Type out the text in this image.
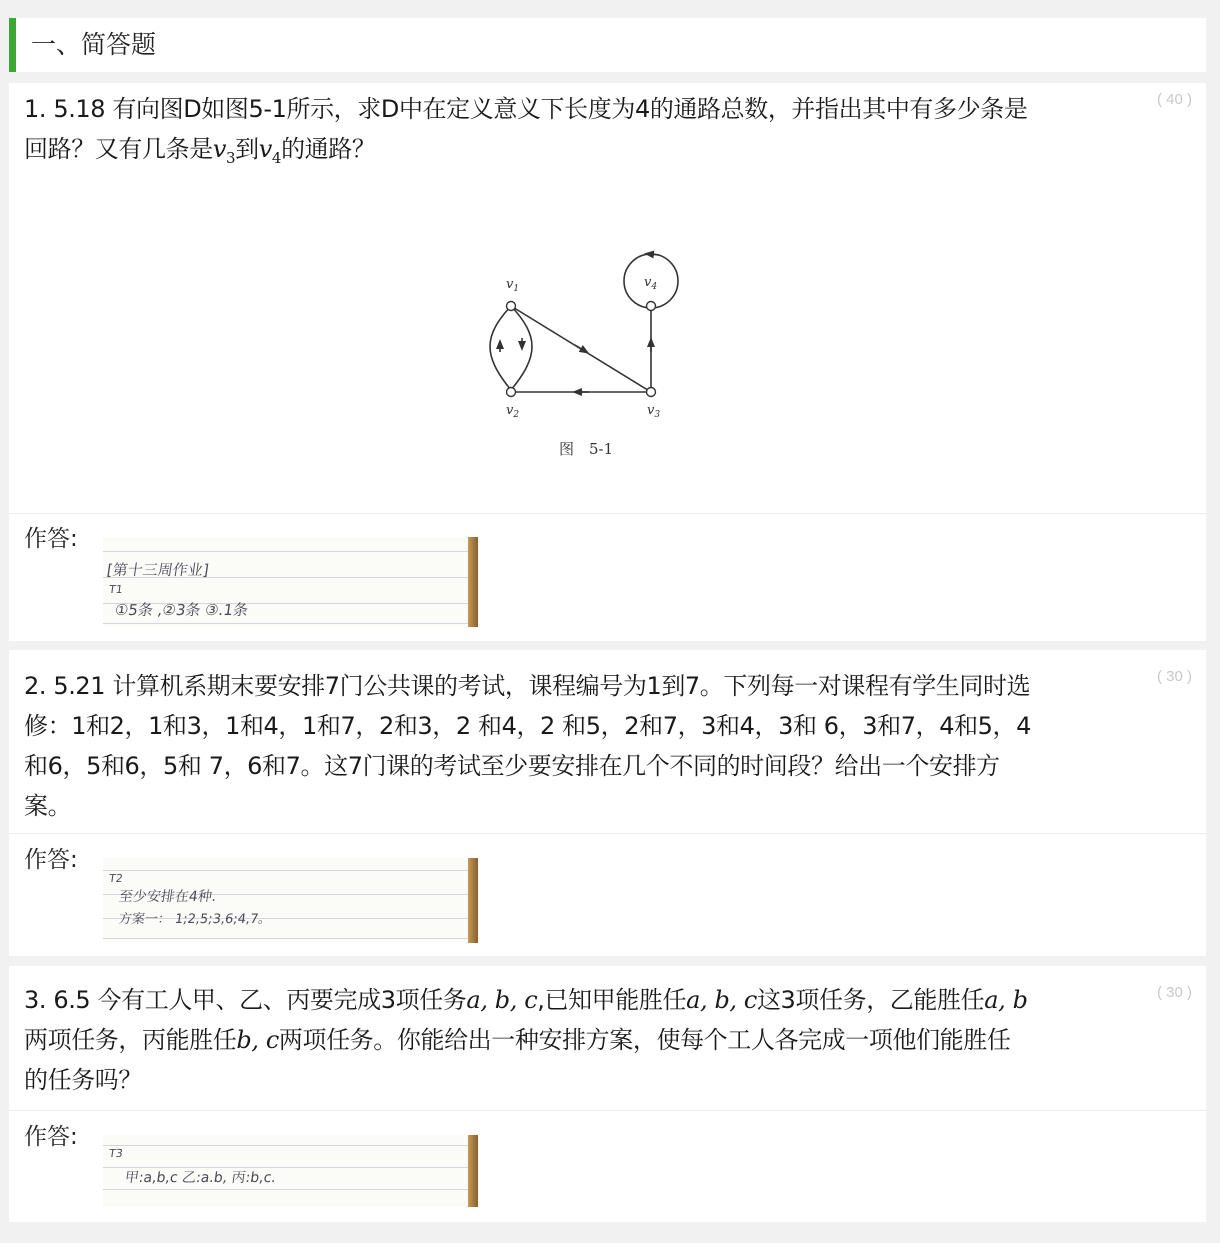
一、简答题
1. 5.18 有向图D如图5-1所示，求D中在定义意义下长度为4的通路总数，并指出其中有多少条是
回路？又有几条是$v_3$到$v_4$的通路？
( 40 )
$v_1$
$v_2$	$v_3$
$v_4$
图　5-1
作答:
[第十三周作业]
T1
①5条 ,②3条 ③.1条
2. 5.21 计算机系期末要安排7门公共课的考试，课程编号为1到7。下列每一对课程有学生同时选
修：1和2，1和3，1和4，1和7，2和3，2 和4，2 和5，2和7，3和4，3和 6，3和7，4和5，4
和6，5和6，5和 7，6和7。这7门课的考试至少要安排在几个不同的时间段？给出一个安排方
案。
( 30 )
作答:
T2
至少安排在4种.
方案一： 1;2,5;3,6;4,7。
3. 6.5 今有工人甲、乙、丙要完成3项任务a, b, c,已知甲能胜任a, b, c这3项任务，乙能胜任a, b
两项任务，丙能胜任b, c两项任务。你能给出一种安排方案，使每个工人各完成一项他们能胜任
的任务吗？
( 30 )
作答:
T3
甲:a,b,c 乙:a.b, 丙:b,c.
